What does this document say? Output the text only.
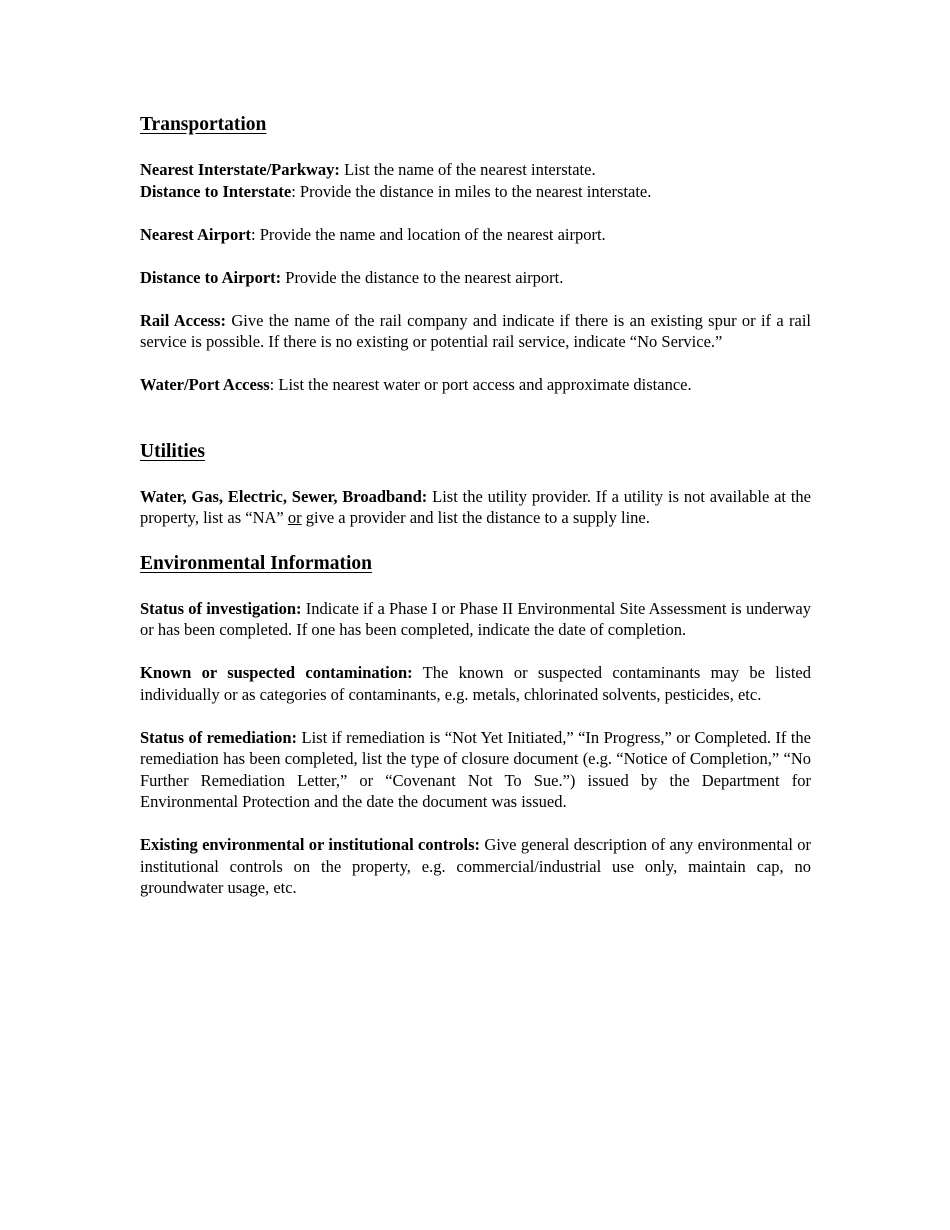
Transportation

Nearest Interstate/Parkway: List the name of the nearest interstate.

Distance to Interstate: Provide the distance in miles to the nearest interstate.

Nearest Airport: Provide the name and location of the nearest airport.

Distance to Airport: Provide the distance to the nearest airport.

Rail Access: Give the name of the rail company and indicate if there is an existing spur or if a rail service is possible. If there is no existing or potential rail service, indicate “No Service.”

Water/Port Access: List the nearest water or port access and approximate distance.

Utilities

Water, Gas, Electric, Sewer, Broadband: List the utility provider. If a utility is not available at the property, list as “NA” or give a provider and list the distance to a supply line.

Environmental Information

Status of investigation: Indicate if a Phase I or Phase II Environmental Site Assessment is underway or has been completed. If one has been completed, indicate the date of completion.

Known or suspected contamination: The known or suspected contaminants may be listed individually or as categories of contaminants, e.g. metals, chlorinated solvents, pesticides, etc.

Status of remediation: List if remediation is “Not Yet Initiated,” “In Progress,” or Completed. If the remediation has been completed, list the type of closure document (e.g. “Notice of Completion,” “No Further Remediation Letter,” or “Covenant Not To Sue.”) issued by the Department for Environmental Protection and the date the document was issued.

Existing environmental or institutional controls: Give general description of any environmental or institutional controls on the property, e.g. commercial/industrial use only, maintain cap, no groundwater usage, etc.
